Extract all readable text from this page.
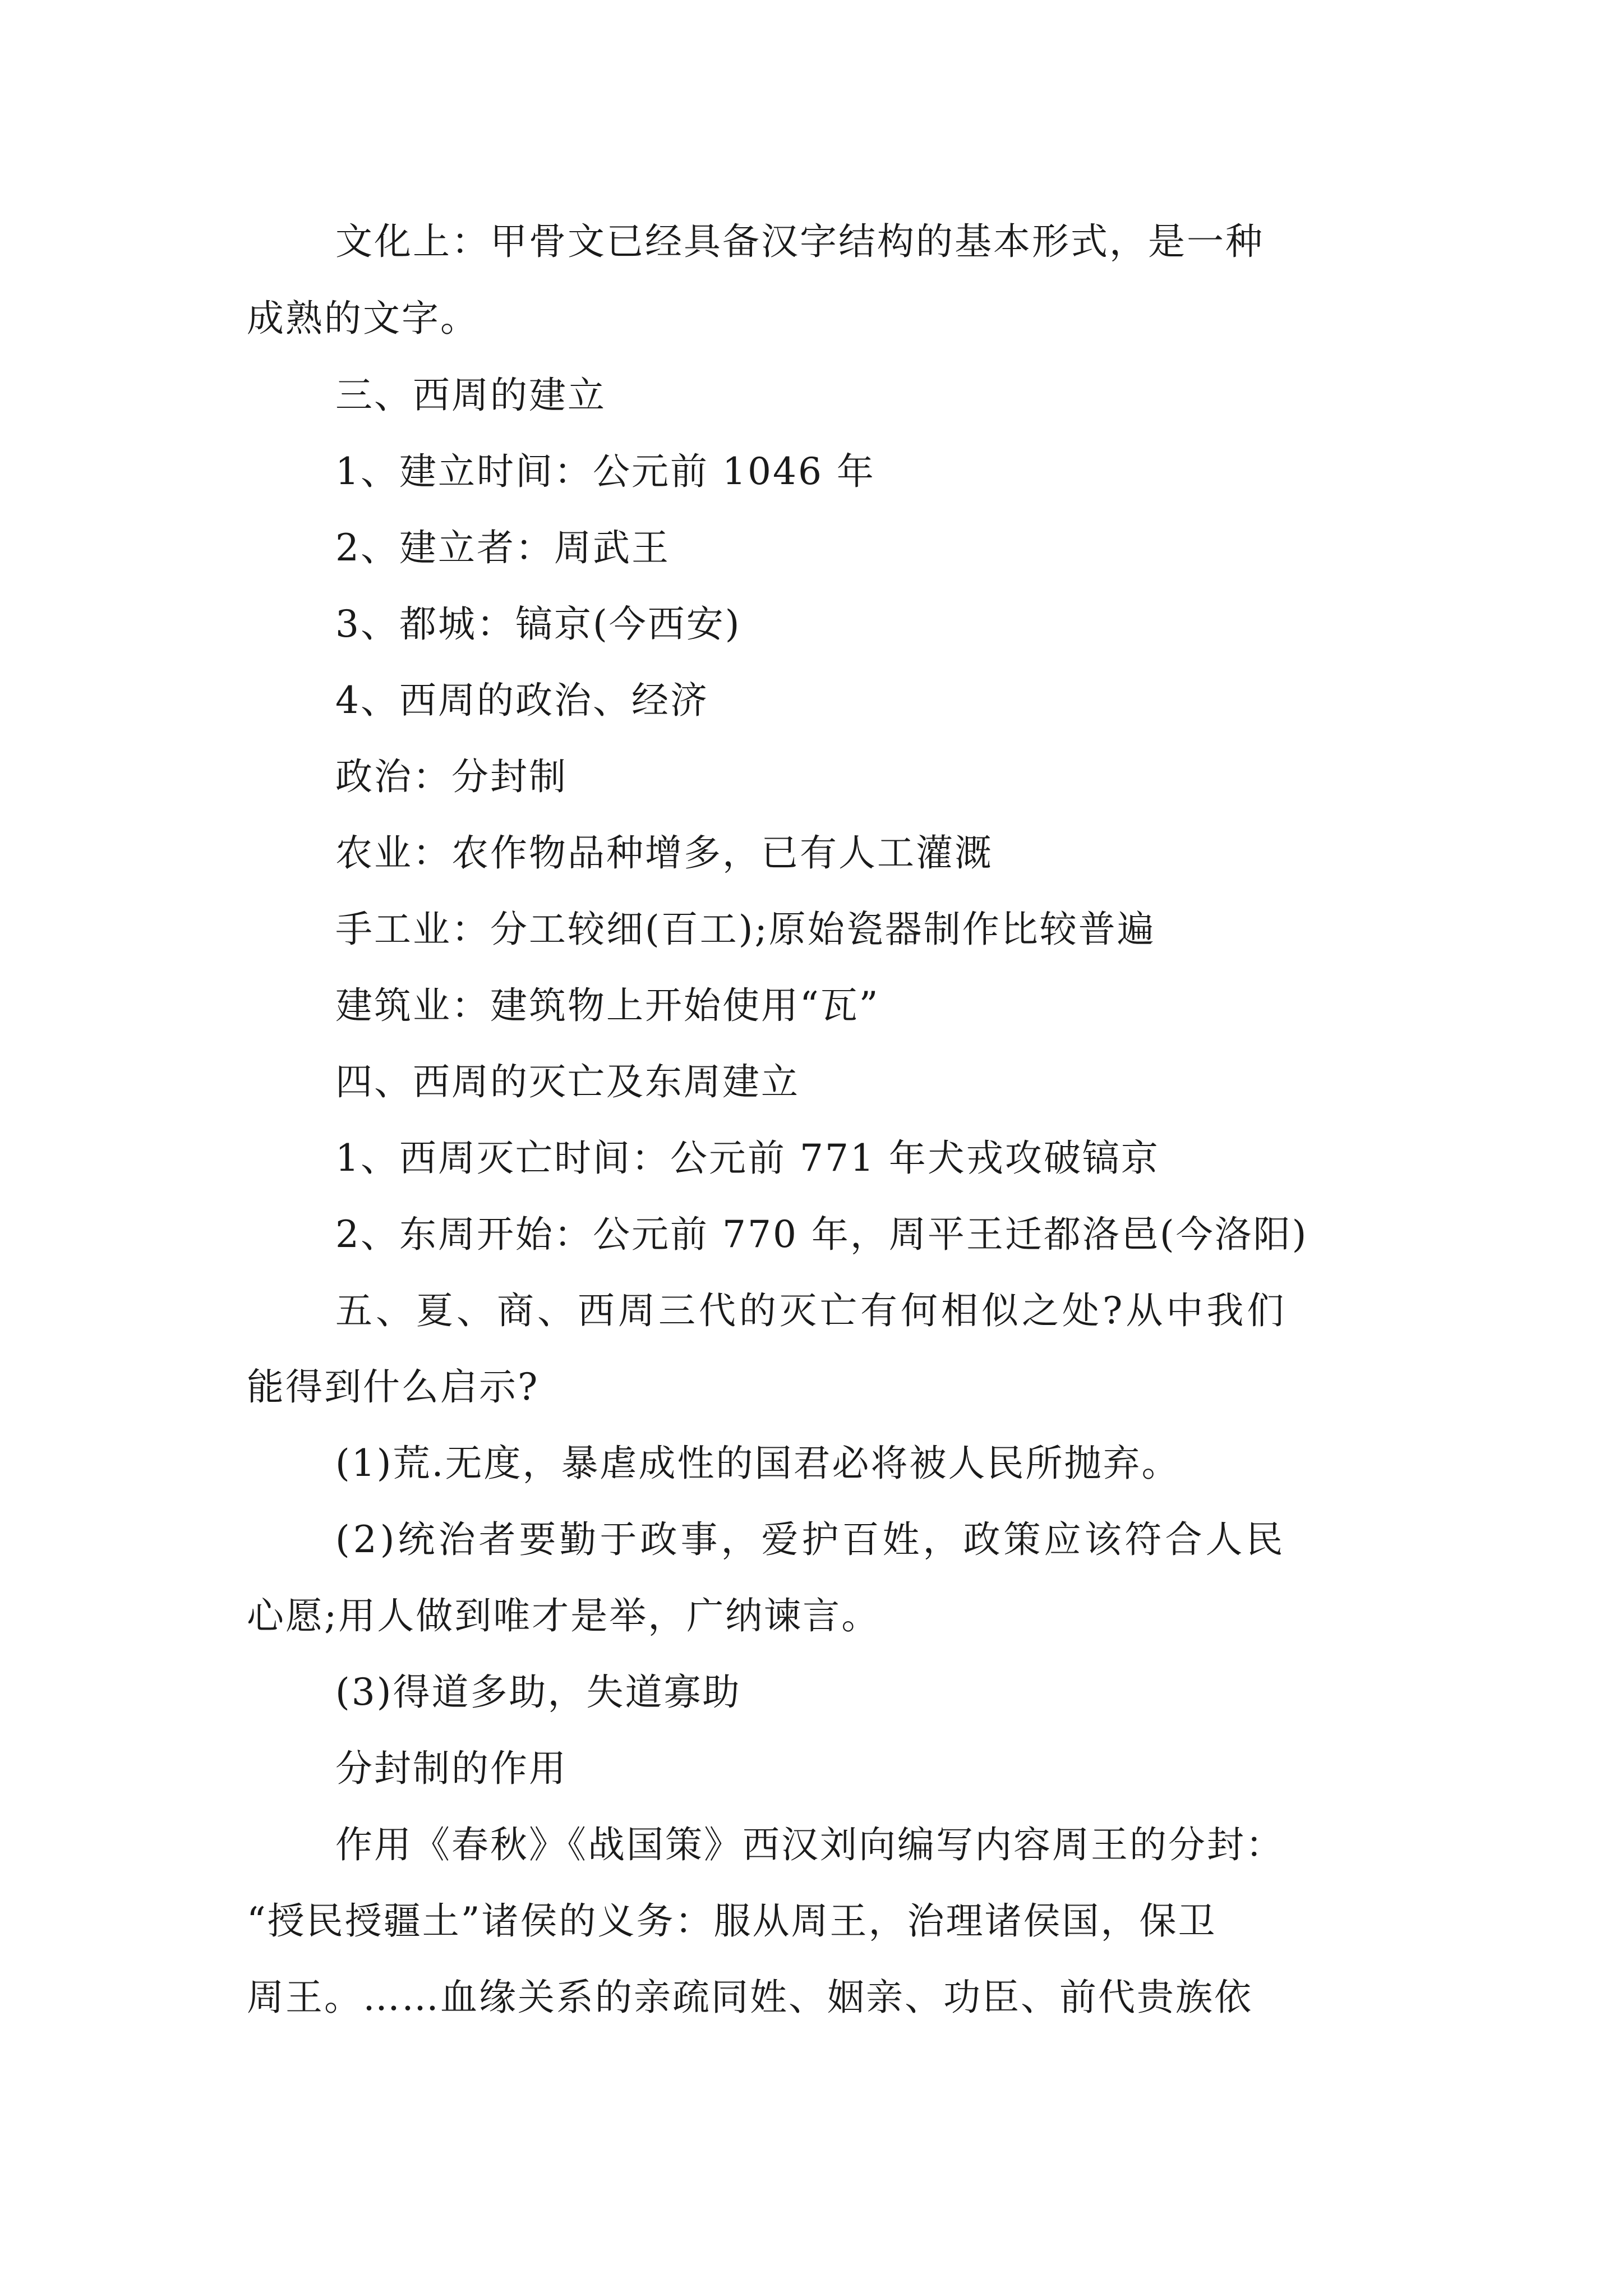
文化上：甲骨文已经具备汉字结构的基本形式，是一种
成熟的文字。
三、西周的建立
1、建立时间：公元前 1046 年
2、建立者：周武王
3、都城：镐京(今西安)
4、西周的政治、经济
政治：分封制
农业：农作物品种增多，已有人工灌溉
手工业：分工较细(百工);原始瓷器制作比较普遍
建筑业：建筑物上开始使用“瓦”
四、西周的灭亡及东周建立
1、西周灭亡时间：公元前 771 年犬戎攻破镐京
2、东周开始：公元前 770 年，周平王迁都洛邑(今洛阳)
五、夏、商、西周三代的灭亡有何相似之处?从中我们
能得到什么启示?
(1)荒.无度，暴虐成性的国君必将被人民所抛弃。
(2)统治者要勤于政事，爱护百姓，政策应该符合人民
心愿;用人做到唯才是举，广纳谏言。
(3)得道多助，失道寡助
分封制的作用
作用《春秋》《战国策》西汉刘向编写内容周王的分封：
“授民授疆土”诸侯的义务：服从周王，治理诸侯国，保卫
周王。……血缘关系的亲疏同姓、姻亲、功臣、前代贵族依
